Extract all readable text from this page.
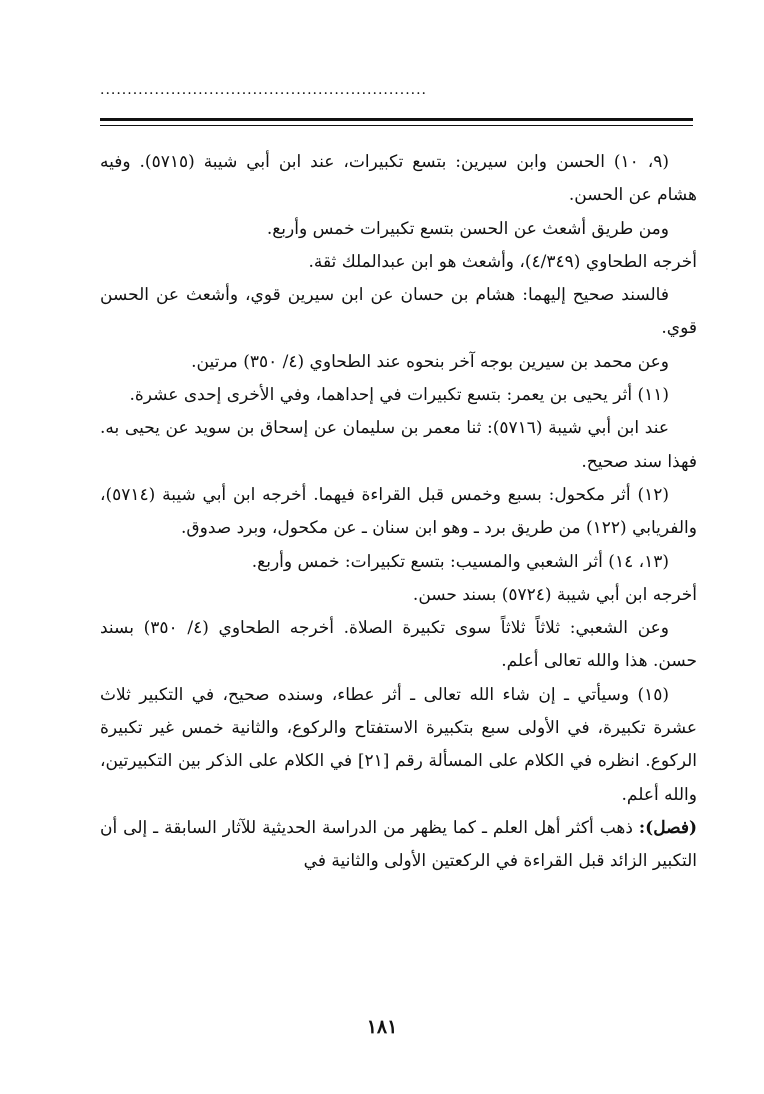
............................................................

(٩، ١٠) الحسن وابن سيرين: بتسع تكبيرات، عند ابن أبي شيبة (٥٧١٥). وفيه هشام عن الحسن.

ومن طريق أشعث عن الحسن بتسع تكبيرات خمس وأربع.

أخرجه الطحاوي (٤/٣٤٩)، وأشعث هو ابن عبدالملك ثقة.

فالسند صحيح إليهما: هشام بن حسان عن ابن سيرين قوي، وأشعث عن الحسن قوي.

وعن محمد بن سيرين بوجه آخر بنحوه عند الطحاوي (٤/ ٣٥٠) مرتين.

(١١) أثر يحيى بن يعمر: بتسع تكبيرات في إحداهما، وفي الأخرى إحدى عشرة.

عند ابن أبي شيبة (٥٧١٦): ثنا معمر بن سليمان عن إسحاق بن سويد عن يحيى به. فهذا سند صحيح.

(١٢) أثر مكحول: بسبع وخمس قبل القراءة فيهما. أخرجه ابن أبي شيبة (٥٧١٤)، والفريابي (١٢٢) من طريق برد ـ وهو ابن سنان ـ عن مكحول، وبرد صدوق.

(١٣، ١٤) أثر الشعبي والمسيب: بتسع تكبيرات: خمس وأربع.

أخرجه ابن أبي شيبة (٥٧٢٤) بسند حسن.

وعن الشعبي: ثلاثاً ثلاثاً سوى تكبيرة الصلاة. أخرجه الطحاوي (٤/ ٣٥٠) بسند حسن. هذا والله تعالى أعلم.

(١٥) وسيأتي ـ إن شاء الله تعالى ـ أثر عطاء، وسنده صحيح، في التكبير ثلاث عشرة تكبيرة، في الأولى سبع بتكبيرة الاستفتاح والركوع، والثانية خمس غير تكبيرة الركوع. انظره في الكلام على المسألة رقم [٢١] في الكلام على الذكر بين التكبيرتين، والله أعلم.

(فصل): ذهب أكثر أهل العلم ـ كما يظهر من الدراسة الحديثية للآثار السابقة ـ إلى أن التكبير الزائد قبل القراءة في الركعتين الأولى والثانية في

١٨١
